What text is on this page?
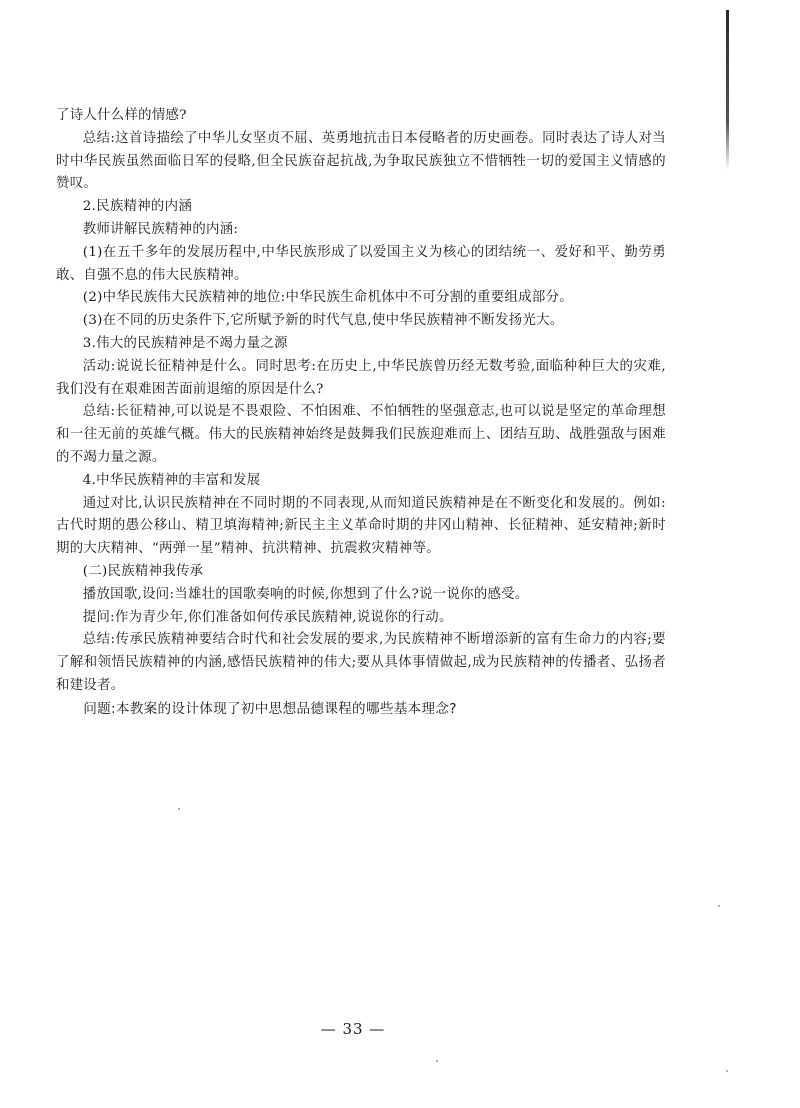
了诗人什么样的情感?

总结:这首诗描绘了中华儿女坚贞不屈、英勇地抗击日本侵略者的历史画卷。同时表达了诗人对当时中华民族虽然面临日军的侵略,但全民族奋起抗战,为争取民族独立不惜牺牲一切的爱国主义情感的赞叹。

2.民族精神的内涵

教师讲解民族精神的内涵:

(1)在五千多年的发展历程中,中华民族形成了以爱国主义为核心的团结统一、爱好和平、勤劳勇敢、自强不息的伟大民族精神。

(2)中华民族伟大民族精神的地位:中华民族生命机体中不可分割的重要组成部分。

(3)在不同的历史条件下,它所赋予新的时代气息,使中华民族精神不断发扬光大。

3.伟大的民族精神是不竭力量之源

活动:说说长征精神是什么。同时思考:在历史上,中华民族曾历经无数考验,面临种种巨大的灾难,我们没有在艰难困苦面前退缩的原因是什么?

总结:长征精神,可以说是不畏艰险、不怕困难、不怕牺牲的坚强意志,也可以说是坚定的革命理想和一往无前的英雄气概。伟大的民族精神始终是鼓舞我们民族迎难而上、团结互助、战胜强敌与困难的不竭力量之源。

4.中华民族精神的丰富和发展

通过对比,认识民族精神在不同时期的不同表现,从而知道民族精神是在不断变化和发展的。例如:古代时期的愚公移山、精卫填海精神;新民主主义革命时期的井冈山精神、长征精神、延安精神;新时期的大庆精神、“两弹一星”精神、抗洪精神、抗震救灾精神等。

(二)民族精神我传承

播放国歌,设问:当雄壮的国歌奏响的时候,你想到了什么?说一说你的感受。

提问:作为青少年,你们准备如何传承民族精神,说说你的行动。

总结:传承民族精神要结合时代和社会发展的要求,为民族精神不断增添新的富有生命力的内容;要了解和领悟民族精神的内涵,感悟民族精神的伟大;要从具体事情做起,成为民族精神的传播者、弘扬者和建设者。

问题:本教案的设计体现了初中思想品德课程的哪些基本理念?

— 33 —
